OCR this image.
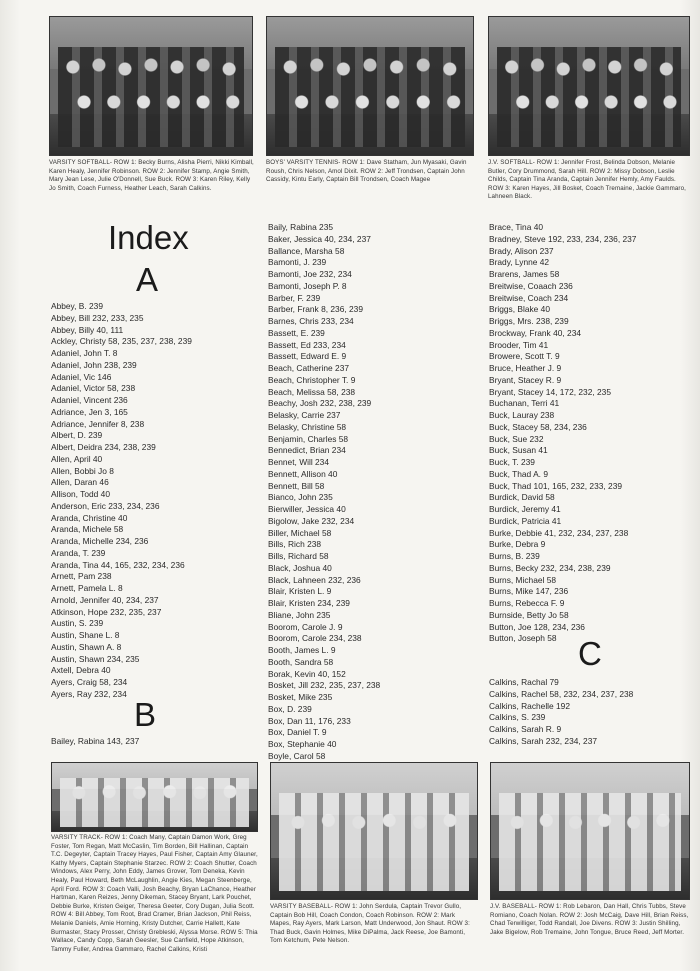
VARSITY SOFTBALL- ROW 1: Becky Burns, Alisha Pierri, Nikki Kimball, Karen Healy, Jennifer Robinson. ROW 2: Jennifer Stamp, Angie Smith, Mary Jean Lese, Julie O'Donnell, Sue Buck. ROW 3: Karen Riley, Kelly Jo Smith, Coach Furness, Heather Leach, Sarah Calkins.
BOYS' VARSITY TENNIS- ROW 1: Dave Statham, Jun Myasaki, Gavin Roush, Chris Nelson, Amol Dixit. ROW 2: Jeff Trondsen, Captain John Cassidy, Kintu Early, Captain Bill Trondsen, Coach Magee
J.V. SOFTBALL- ROW 1: Jennifer Frost, Belinda Dobson, Melanie Butler, Cory Drummond, Sarah Hill. ROW 2: Missy Dobson, Leslie Childs, Captain Tina Aranda, Captain Jennifer Hemly, Amy Faulds. ROW 3: Karen Hayes, Jill Bosket, Coach Tremaine, Jackie Gammaro, Lahneen Black.
Index
A
Abbey, B. 239
Abbey, Bill 232, 233, 235
Abbey, Billy 40, 111
Ackley, Christy 58, 235, 237, 238, 239
Adaniel, John T. 8
Adaniel, John 238, 239
Adaniel, Vic 146
Adaniel, Victor 58, 238
Adaniel, Vincent 236
Adriance, Jen 3, 165
Adriance, Jennifer 8, 238
Albert, D. 239
Albert, Deidra 234, 238, 239
Allen, April 40
Allen, Bobbi Jo 8
Allen, Daran 46
Allison, Todd 40
Anderson, Eric 233, 234, 236
Aranda, Christine 40
Aranda, Michele 58
Aranda, Michelle 234, 236
Aranda, T. 239
Aranda, Tina 44, 165, 232, 234, 236
Arnett, Pam 238
Arnett, Pamela L. 8
Arnold, Jennifer 40, 234, 237
Atkinson, Hope 232, 235, 237
Austin, S. 239
Austin, Shane L. 8
Austin, Shawn A. 8
Austin, Shawn 234, 235
Axtell, Debra 40
Ayers, Craig 58, 234
Ayers, Ray 232, 234
B
Bailey, Rabina 143, 237
Baily, Rabina 235
Baker, Jessica 40, 234, 237
Ballance, Marsha 58
Bamonti, J. 239
Bamonti, Joe 232, 234
Bamonti, Joseph P. 8
Barber, F. 239
Barber, Frank 8, 236, 239
Barnes, Chris 233, 234
Bassett, E. 239
Bassett, Ed 233, 234
Bassett, Edward E. 9
Beach, Catherine 237
Beach, Christopher T. 9
Beach, Melissa 58, 238
Beachy, Josh 232, 238, 239
Belasky, Carrie 237
Belasky, Christine 58
Benjamin, Charles 58
Bennedict, Brian 234
Bennet, Will 234
Bennett, Allison 40
Bennett, Bill 58
Bianco, John 235
Bierwiller, Jessica 40
Bigolow, Jake 232, 234
Biller, Michael 58
Bills, Rich 238
Bills, Richard 58
Black, Joshua 40
Black, Lahneen 232, 236
Blair, Kristen L. 9
Blair, Kristen 234, 239
Bliane, John 235
Boorom, Carole J. 9
Boorom, Carole 234, 238
Booth, James L. 9
Booth, Sandra 58
Borak, Kevin 40, 152
Bosket, Jill 232, 235, 237, 238
Bosket, Mike 235
Box, D. 239
Box, Dan 11, 176, 233
Box, Daniel T. 9
Box, Stephanie 40
Boyle, Carol 58
Brace, Tina 40
Bradney, Steve 192, 233, 234, 236, 237
Brady, Alison 237
Brady, Lynne 42
Brarens, James 58
Breitwise, Coaach 236
Breitwise, Coach 234
Briggs, Blake 40
Briggs, Mrs. 238, 239
Brockway, Frank 40, 234
Brooder, Tim 41
Browere, Scott T. 9
Bruce, Heather J. 9
Bryant, Stacey R. 9
Bryant, Stacey 14, 172, 232, 235
Buchanan, Terri 41
Buck, Lauray 238
Buck, Stacey 58, 234, 236
Buck, Sue 232
Buck, Susan 41
Buck, T. 239
Buck, Thad A. 9
Buck, Thad 101, 165, 232, 233, 239
Burdick, David 58
Burdick, Jeremy 41
Burdick, Patricia 41
Burke, Debbie 41, 232, 234, 237, 238
Burke, Debra 9
Burns, B. 239
Burns, Becky 232, 234, 238, 239
Burns, Michael 58
Burns, Mike 147, 236
Burns, Rebecca F. 9
Burnside, Betty Jo 58
Button, Joe 128, 234, 236
Button, Joseph 58 C
Calkins, Rachal 79
Calkins, Rachel 58, 232, 234, 237, 238
Calkins, Rachelle 192
Calkins, S. 239
Calkins, Sarah R. 9
Calkins, Sarah 232, 234, 237
VARSITY TRACK- ROW 1: Coach Many, Captain Damon Work, Greg Foster, Tom Regan, Matt McCaslin, Tim Borden, Bill Hallinan, Captain T.C. Degeyter, Captain Tracey Hayes, Paul Fisher, Captain Amy Glauner, Kathy Myers, Captain Stephanie Starzec. ROW 2: Coach Shutter, Coach Windows, Alex Perry, John Eddy, James Grover, Tom Deneka, Kevin Healy, Paul Howard, Beth McLaughlin, Angie Kies, Megan Steenberge, April Ford. ROW 3: Coach Valli, Josh Beachy, Bryan LaChance, Heather Hartman, Karen Reizes, Jenny Dikeman, Stacey Bryant, Lark Pouchet, Debbie Burke, Kristen Geiger, Theresa Geeter, Cory Dugan, Julia Scott. ROW 4: Bill Abbey, Tom Root, Brad Cramer, Brian Jackson, Phil Reiss, Melanie Daniels, Amie Horning, Kristy Dutcher, Carrie Hallett, Kate Burmaster, Stacy Prosser, Christy Grebleski, Alyssa Morse. ROW 5: Thia Wallace, Candy Copp, Sarah Geesler, Sue Canfield, Hope Atkinson, Tammy Fuller, Andrea Gammaro, Rachel Calkins, Kristi
VARSITY BASEBALL- ROW 1: John Serdula, Captain Trevor Gullo, Captain Bob Hill, Coach Condon, Coach Robinson. ROW 2: Mark Mapes, Ray Ayers, Mark Larson, Matt Underwood, Jon Shaut. ROW 3: Thad Buck, Gavin Holmes, Mike DiPalma, Jack Reese, Joe Bamonti, Tom Ketchum, Pete Nelson.
J.V. BASEBALL- ROW 1: Rob Lebaron, Dan Hall, Chris Tubbs, Steve Romiano, Coach Nolan. ROW 2: Josh McCaig, Dave Hill, Brian Reiss, Chad Terwilliger, Todd Randall, Joe Divens. ROW 3: Justin Shilling, Jake Bigelow, Rob Tremaine, John Tongue, Bruce Reed, Jeff Morter.
